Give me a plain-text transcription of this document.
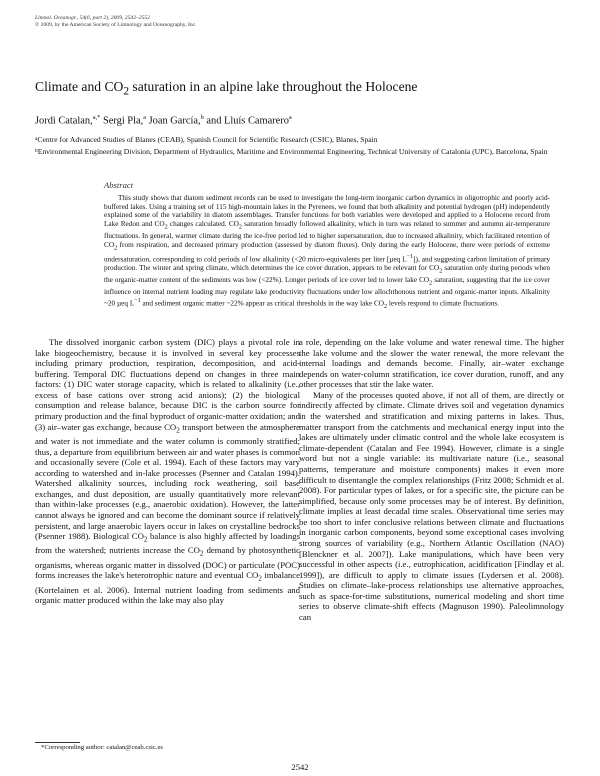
Limnol. Oceanogr., 54(6, part 2), 2009, 2542–2552
© 2009, by the American Society of Limnology and Oceanography, Inc.
Climate and $CO_2$ saturation in an alpine lake throughout the Holocene
Jordi Catalan,$^{a,*}$ Sergi Pla,$^a$ Joan García,$^b$ and Lluís Camarero$^a$

$^a$Centre for Advanced Studies of Blanes (CEAB), Spanish Council for Scientific Research (CSIC), Blanes, Spain

$^b$Environmental Engineering Division, Department of Hydraulics, Maritime and Environmental Engineering, Technical University of Catalonia (UPC), Barcelona, Spain

Abstract

This study shows that diatom sediment records can be used to investigate the long-term inorganic carbon dynamics in oligotrophic and poorly acid-buffered lakes. Using a training set of 115 high-mountain lakes in the Pyrenees, we found that both alkalinity and potential hydrogen (pH) independently explained some of the variability in diatom assemblages. Transfer functions for both variables were developed and applied to a Holocene record from Lake Redon and $CO_2$ changes calculated. $CO_2$ saturation broadly followed alkalinity, which in turn was related to summer and autumn air-temperature fluctuations. In general, warmer climate during the ice-free period led to higher supersaturation, due to increased alkalinity, which facilitated retention of $CO_2$ from respiration, and decreased primary production (assessed by diatom fluxes). Only during the early Holocene, there were periods of extreme undersaturation, corresponding to cold periods of low alkalinity (<20 micro-equivalents per liter [µeq $L^{-1}$]), and suggesting carbon limitation of primary production. The winter and spring climate, which determines the ice cover duration, appears to be relevant for $CO_2$ saturation only during periods when the organic-matter content of the sediments was low (<22%). Longer periods of ice cover led to lower lake $CO_2$ saturation, suggesting that the ice cover influence on internal nutrient loading may regulate lake productivity fluctuations under low allochthonous nutrient and organic-matter inputs. Alkalinity ~20 µeq $L^{-1}$ and sediment organic matter ~22% appear as critical thresholds in the way lake $CO_2$ levels respond to climate fluctuations.

The dissolved inorganic carbon system (DIC) plays a pivotal role in lake biogeochemistry, because it is involved in several key processes including primary production, respiration, decomposition, and acid-buffering. Temporal DIC fluctuations depend on changes in three main factors: (1) DIC water storage capacity, which is related to alkalinity (i.e., excess of base cations over strong acid anions); (2) the biological consumption and release balance, because DIC is the carbon source for primary production and the final byproduct of organic-matter oxidation; and (3) air–water gas exchange, because $CO_2$ transport between the atmosphere and water is not immediate and the water column is commonly stratified; thus, a departure from equilibrium between air and water phases is common and occasionally severe (Cole et al. 1994). Each of these factors may vary according to watershed and in-lake processes (Psenner and Catalan 1994). Watershed alkalinity sources, including rock weathering, soil base exchanges, and dust deposition, are usually quantitatively more relevant than within-lake processes (e.g., anaerobic oxidation). However, the latter cannot always be ignored and can become the dominant source if relatively persistent, and large anaerobic layers occur in lakes on crystalline bedrocks (Psenner 1988). Biological $CO_2$ balance is also highly affected by loadings from the watershed; nutrients increase the $CO_2$ demand by photosynthetic organisms, whereas organic matter in dissolved (DOC) or particulate (POC) forms increases the lake's heterotrophic nature and eventual $CO_2$ imbalance (Kortelainen et al. 2006). Internal nutrient loading from sediments and organic matter produced within the lake may also play

a role, depending on the lake volume and water renewal time. The higher the lake volume and the slower the water renewal, the more relevant the internal loadings and demands become. Finally, air–water exchange depends on water-column stratification, ice cover duration, runoff, and any other processes that stir the lake water.

Many of the processes quoted above, if not all of them, are directly or indirectly affected by climate. Climate drives soil and vegetation dynamics in the watershed and stratification and mixing patterns in lakes. Thus, matter transport from the catchments and mechanical energy input into the lakes are ultimately under climatic control and the whole lake ecosystem is climate-dependent (Catalan and Fee 1994). However, climate is a single word but not a single variable: its multivariate nature (i.e., seasonal patterns, temperature and moisture components) makes it even more difficult to disentangle the complex relationships (Fritz 2008; Schmidt et al. 2008). For particular types of lakes, or for a specific site, the picture can be simplified, because only some processes may be of interest. By definition, climate implies at least decadal time scales. Observational time series may be too short to infer conclusive relations between climate and fluctuations in inorganic carbon components, beyond some exceptional cases involving strong sources of variability (e.g., Northern Atlantic Oscillation (NAO) [Blenckner et al. 2007]). Lake manipulations, which have been very successful in other aspects (i.e., eutrophication, acidification [Findlay et al. 1999]), are difficult to apply to climate issues (Lydersen et al. 2008). Studies on climate–lake-process relationships use alternative approaches, such as space-for-time substitutions, numerical modeling and short time series to observe climate-shift effects (Magnuson 1990). Paleolimnology can

*Corresponding author: catalan@ceab.csic.es
2542
